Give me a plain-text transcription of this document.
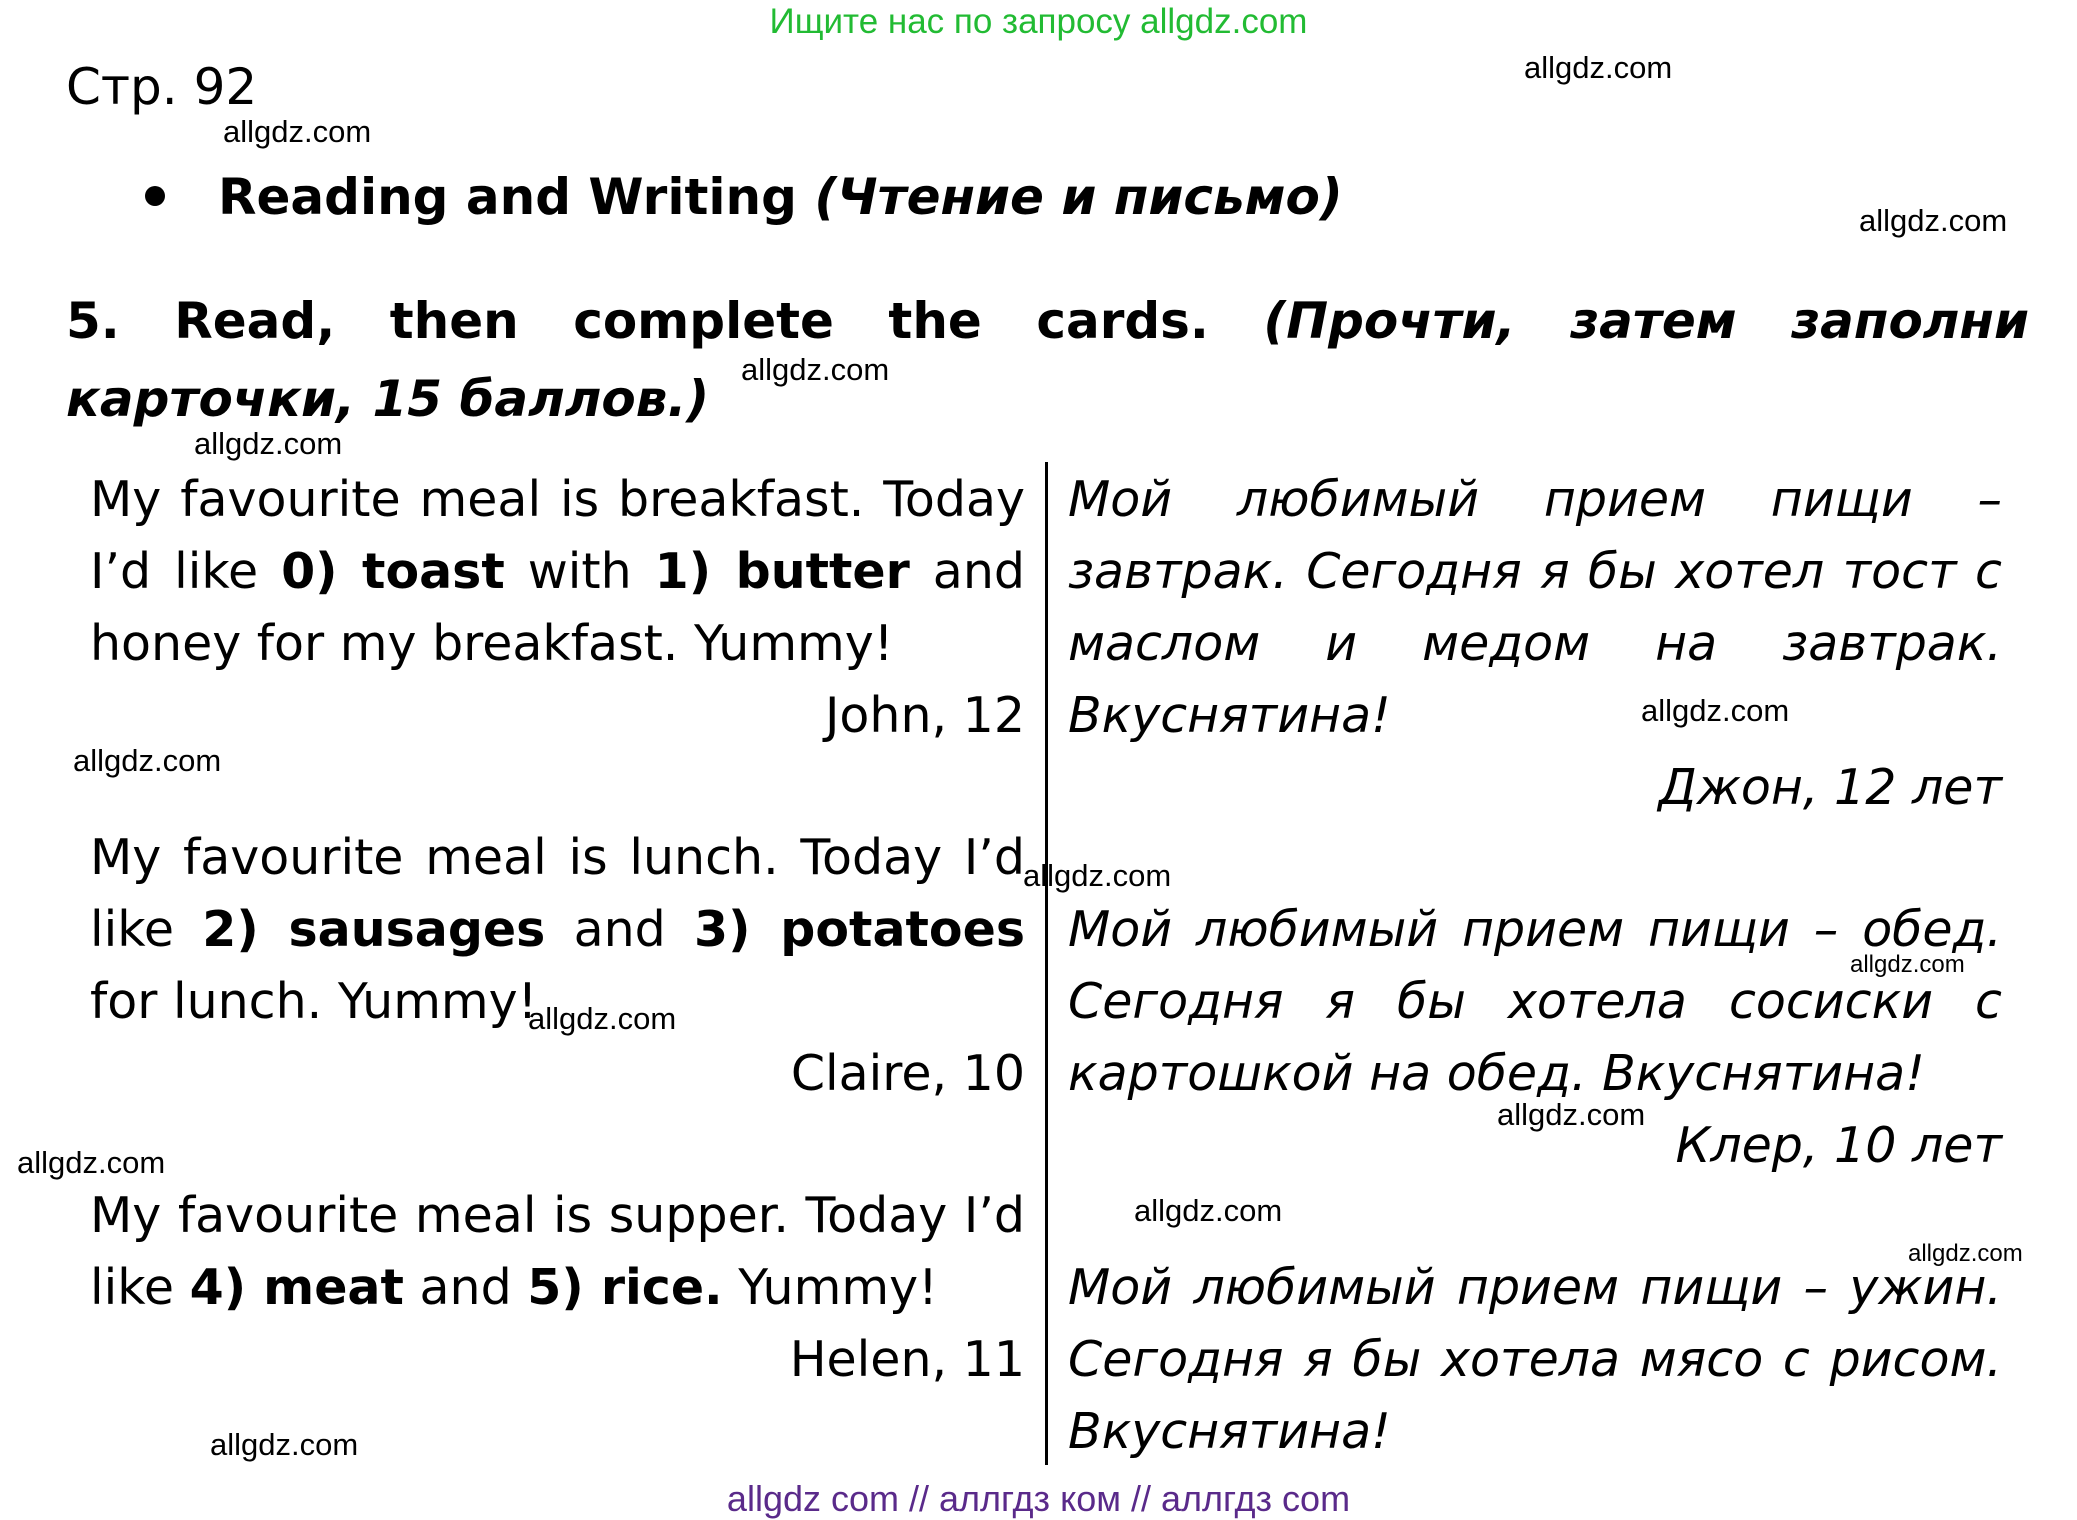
Ищите нас по запросу allgdz.com
Стр. 92
Reading and Writing (Чтение и письмо)
5. Read, then complete the cards. (Прочти, затем заполни карточки, 15 баллов.)
My favourite meal is breakfast. Today I’d like 0) toast with 1) butter and honey for my breakfast. Yummy!
John, 12
Мой любимый прием пищи – завтрак. Сегодня я бы хотел тост с маслом и медом на завтрак. Вкуснятина!
Джон, 12 лет
My favourite meal is lunch. Today I’d like 2) sausages and 3) potatoes for lunch. Yummy!
Claire, 10
Мой любимый прием пищи – обед. Сегодня я бы хотела сосиски с картошкой на обед. Вкуснятина!
Клер, 10 лет
My favourite meal is supper. Today I’d like 4) meat and 5) rice. Yummy!
Helen, 11
Мой любимый прием пищи – ужин. Сегодня я бы хотела мясо с рисом. Вкуснятина!
allgdz.com
allgdz.com
allgdz.com
allgdz.com
allgdz.com
allgdz.com
allgdz.com
allgdz.com
allgdz.com
allgdz.com
allgdz.com
allgdz.com
allgdz.com
allgdz.com
allgdz.com
allgdz com // аллгдз ком // аллгдз com
